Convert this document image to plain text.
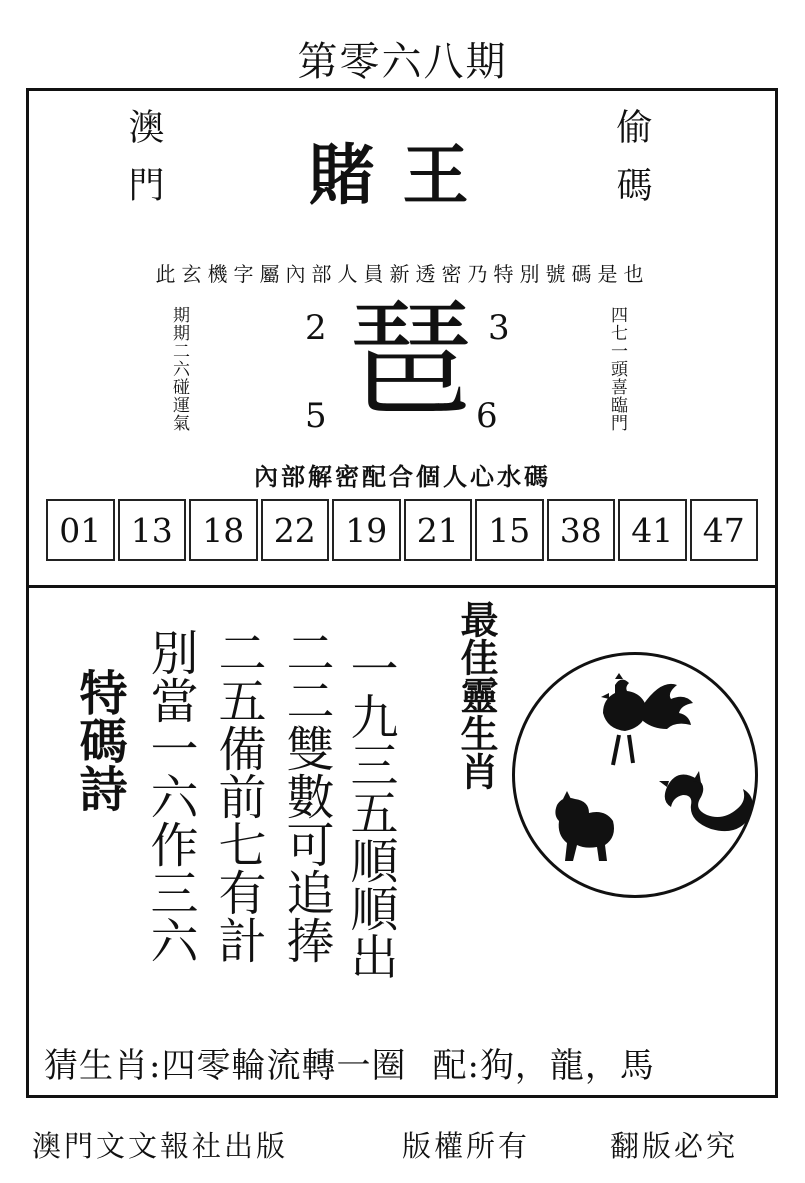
第零六八期
澳門	偷碼
賭王
此玄機字屬內部人員新透密乃特別號碼是也
期期二六碰運氣	四七一頭喜臨門
2	3
5	6
琶
內部解密配合個人心水碼
01 13 18 22 19 21 15 38 41 47
特碼詩	一九三五順順出
二二雙數可追捧
二五備前七有計
別當一六作三六	最佳靈生肖
猜生肖:四零輪流轉一圈 配:狗，龍，馬
澳門文文報社出版	版權所有	翻版必究
